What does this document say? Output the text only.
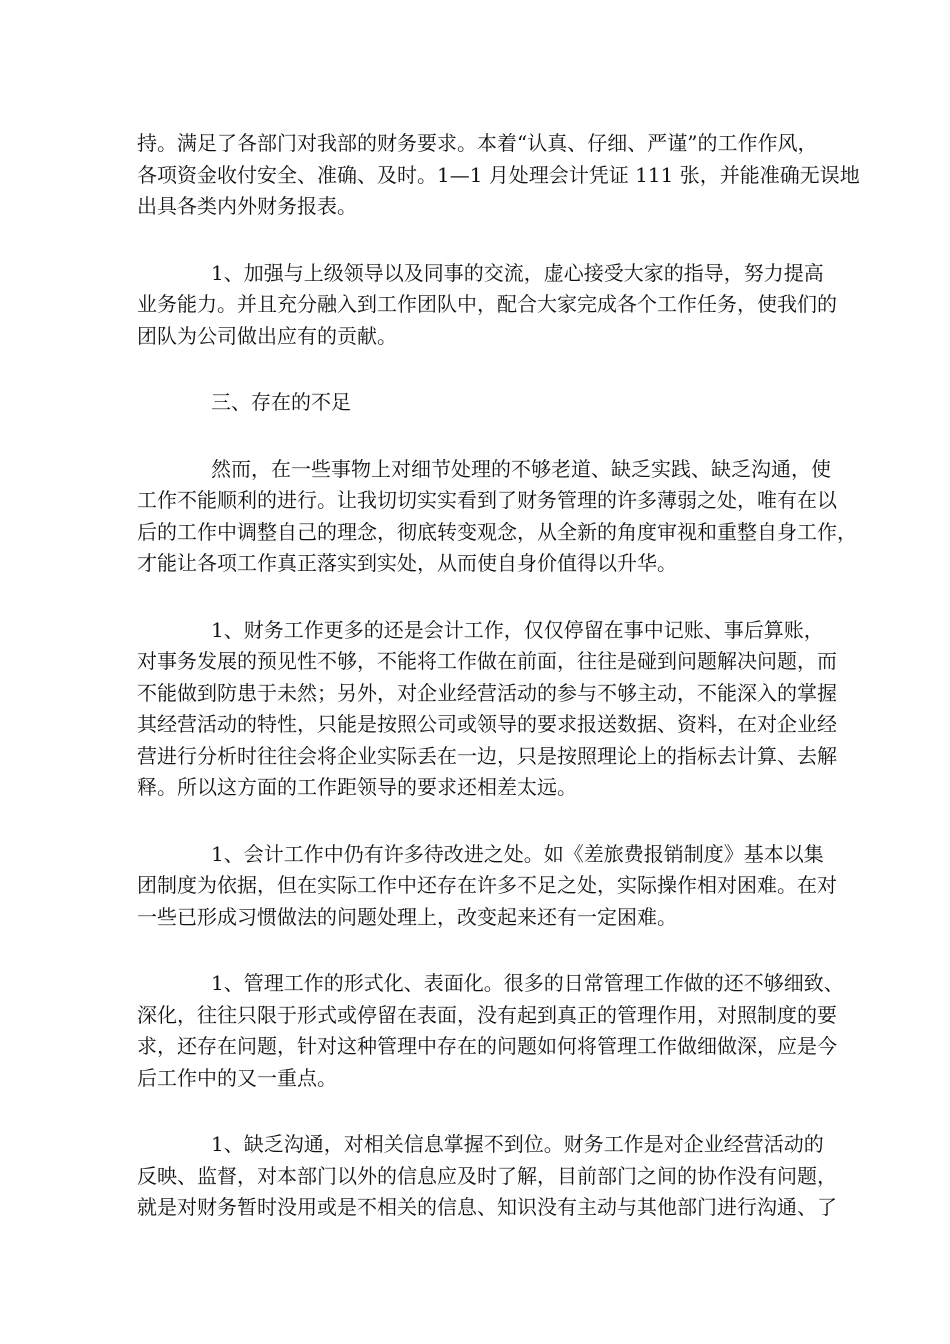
持。满足了各部门对我部的财务要求。本着“认真、仔细、严谨”的工作作风，
各项资金收付安全、准确、及时。1—1 月处理会计凭证 111 张，并能准确无误地
出具各类内外财务报表。
1、加强与上级领导以及同事的交流，虚心接受大家的指导，努力提高
业务能力。并且充分融入到工作团队中，配合大家完成各个工作任务，使我们的
团队为公司做出应有的贡献。
三、存在的不足
然而，在一些事物上对细节处理的不够老道、缺乏实践、缺乏沟通，使
工作不能顺利的进行。让我切切实实看到了财务管理的许多薄弱之处，唯有在以
后的工作中调整自己的理念，彻底转变观念，从全新的角度审视和重整自身工作，
才能让各项工作真正落实到实处，从而使自身价值得以升华。
1、财务工作更多的还是会计工作，仅仅停留在事中记账、事后算账，
对事务发展的预见性不够，不能将工作做在前面，往往是碰到问题解决问题，而
不能做到防患于未然；另外，对企业经营活动的参与不够主动，不能深入的掌握
其经营活动的特性，只能是按照公司或领导的要求报送数据、资料，在对企业经
营进行分析时往往会将企业实际丢在一边，只是按照理论上的指标去计算、去解
释。所以这方面的工作距领导的要求还相差太远。
1、会计工作中仍有许多待改进之处。如《差旅费报销制度》基本以集
团制度为依据，但在实际工作中还存在许多不足之处，实际操作相对困难。在对
一些已形成习惯做法的问题处理上，改变起来还有一定困难。
1、管理工作的形式化、表面化。很多的日常管理工作做的还不够细致、
深化，往往只限于形式或停留在表面，没有起到真正的管理作用，对照制度的要
求，还存在问题，针对这种管理中存在的问题如何将管理工作做细做深，应是今
后工作中的又一重点。
1、缺乏沟通，对相关信息掌握不到位。财务工作是对企业经营活动的
反映、监督，对本部门以外的信息应及时了解，目前部门之间的协作没有问题，
就是对财务暂时没用或是不相关的信息、知识没有主动与其他部门进行沟通、了
